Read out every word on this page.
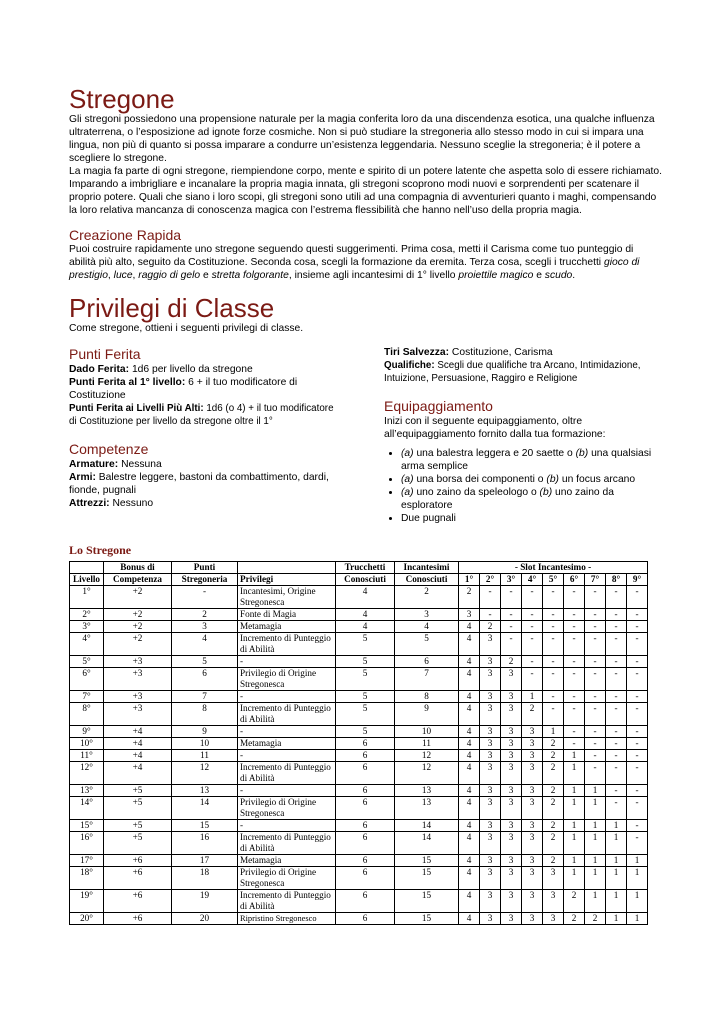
Stregone

Gli stregoni possiedono una propensione naturale per la magia conferita loro da una discendenza esotica, una qualche influenza ultraterrena, o l’esposizione ad ignote forze cosmiche. Non si può studiare la stregoneria allo stesso modo in cui si impara una lingua, non più di quanto si possa imparare a condurre un’esistenza leggendaria. Nessuno sceglie la stregoneria; è il potere a scegliere lo stregone.

La magia fa parte di ogni stregone, riempiendone corpo, mente e spirito di un potere latente che aspetta solo di essere richiamato. Imparando a imbrigliare e incanalare la propria magia innata, gli stregoni scoprono modi nuovi e sorprendenti per scatenare il proprio potere. Quali che siano i loro scopi, gli stregoni sono utili ad una compagnia di avventurieri quanto i maghi, compensando la loro relativa mancanza di conoscenza magica con l’estrema flessibilità che hanno nell’uso della propria magia.

Creazione Rapida

Puoi costruire rapidamente uno stregone seguendo questi suggerimenti. Prima cosa, metti il Carisma come tuo punteggio di abilità più alto, seguito da Costituzione. Seconda cosa, scegli la formazione da eremita. Terza cosa, scegli i trucchetti gioco di prestigio, luce, raggio di gelo e stretta folgorante, insieme agli incantesimi di 1° livello proiettile magico e scudo.

Privilegi di Classe

Come stregone, ottieni i seguenti privilegi di classe.

Punti Ferita

Dado Ferita: 1d6 per livello da stregone

Punti Ferita al 1° livello: 6 + il tuo modificatore di Costituzione

Punti Ferita ai Livelli Più Alti: 1d6 (o 4) + il tuo modificatore di Costituzione per livello da stregone oltre il 1°

Competenze

Armature: Nessuna

Armi: Balestre leggere, bastoni da combattimento, dardi, fionde, pugnali

Attrezzi: Nessuno

Tiri Salvezza: Costituzione, Carisma

Qualifiche: Scegli due qualifiche tra Arcano, Intimidazione, Intuizione, Persuasione, Raggiro e Religione

Equipaggiamento

Inizi con il seguente equipaggiamento, oltre all’equipaggiamento fornito dalla tua formazione:

• (a) una balestra leggera e 20 saette o (b) una qualsiasi arma semplice
• (a) una borsa dei componenti o (b) un focus arcano
• (a) uno zaino da speleologo o (b) uno zaino da esploratore
• Due pugnali
Lo Stregone
	Bonus di	Punti		Trucchetti	Incantesimi	- Slot Incantesimo -								
Livello	Competenza	Stregoneria	Privilegi	Conosciuti	Conosciuti	1°	2°	3°	4°	5°	6°	7°	8°	9°
1°	+2	-	Incantesimi, Origine Stregonesca	4	2	2	-	-	-	-	-	-	-	-
2°	+2	2	Fonte di Magia	4	3	3	-	-	-	-	-	-	-	-
3°	+2	3	Metamagia	4	4	4	2	-	-	-	-	-	-	-
4°	+2	4	Incremento di Punteggio di Abilità	5	5	4	3	-	-	-	-	-	-	-
5°	+3	5	-	5	6	4	3	2	-	-	-	-	-	-
6°	+3	6	Privilegio di Origine Stregonesca	5	7	4	3	3	-	-	-	-	-	-
7°	+3	7	-	5	8	4	3	3	1	-	-	-	-	-
8°	+3	8	Incremento di Punteggio di Abilità	5	9	4	3	3	2	-	-	-	-	-
9°	+4	9	-	5	10	4	3	3	3	1	-	-	-	-
10°	+4	10	Metamagia	6	11	4	3	3	3	2	-	-	-	-
11°	+4	11	-	6	12	4	3	3	3	2	1	-	-	-
12°	+4	12	Incremento di Punteggio di Abilità	6	12	4	3	3	3	2	1	-	-	-
13°	+5	13	-	6	13	4	3	3	3	2	1	1	-	-
14°	+5	14	Privilegio di Origine Stregonesca	6	13	4	3	3	3	2	1	1	-	-
15°	+5	15	-	6	14	4	3	3	3	2	1	1	1	-
16°	+5	16	Incremento di Punteggio di Abilità	6	14	4	3	3	3	2	1	1	1	-
17°	+6	17	Metamagia	6	15	4	3	3	3	2	1	1	1	1
18°	+6	18	Privilegio di Origine Stregonesca	6	15	4	3	3	3	3	1	1	1	1
19°	+6	19	Incremento di Punteggio di Abilità	6	15	4	3	3	3	3	2	1	1	1
20°	+6	20	Ripristino Stregonesco	6	15	4	3	3	3	3	2	2	1	1
